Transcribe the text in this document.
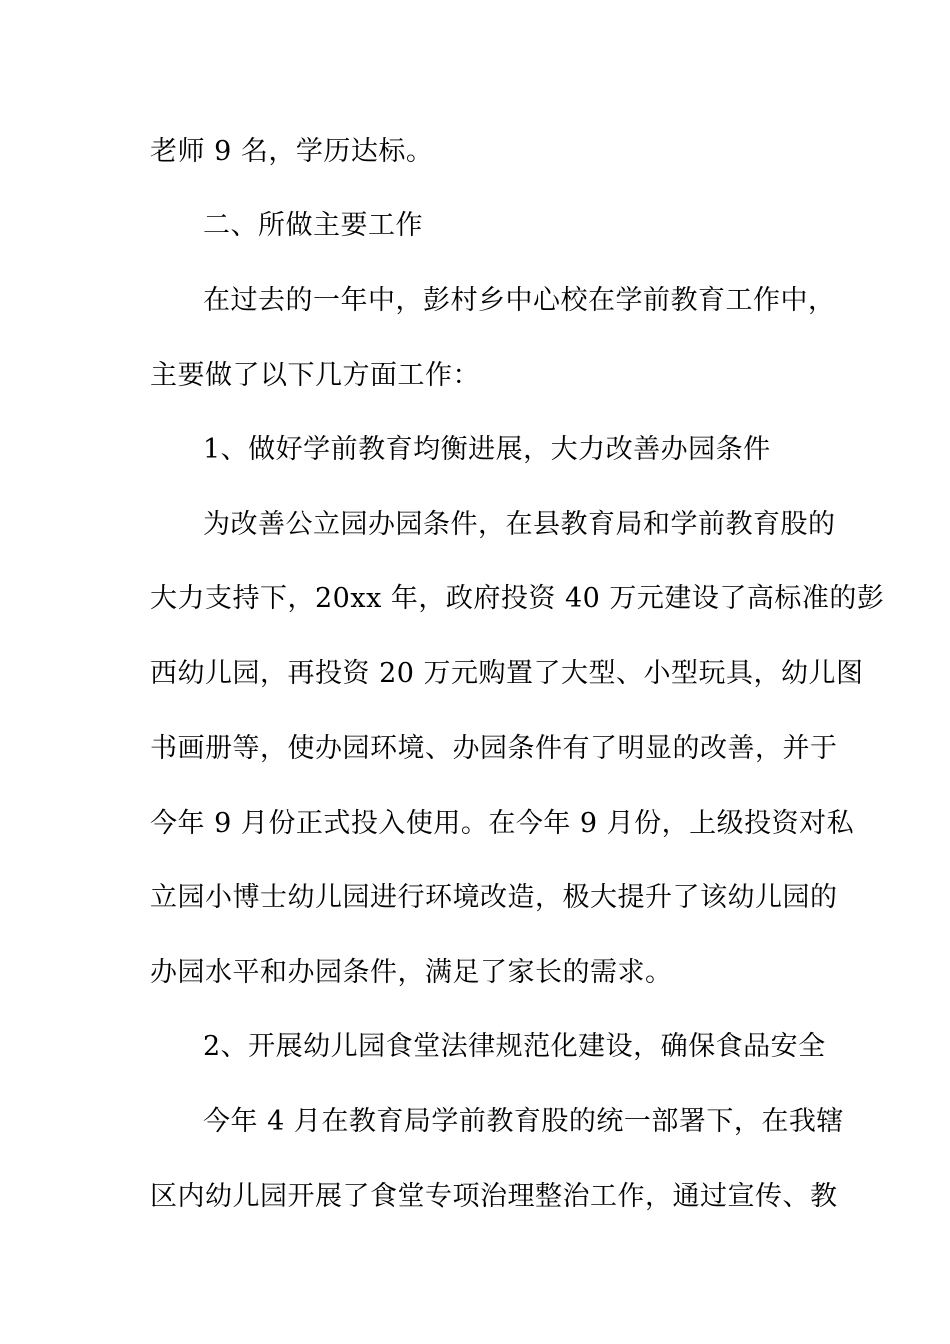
老师 9 名，学历达标。
二、所做主要工作
在过去的一年中，彭村乡中心校在学前教育工作中，
主要做了以下几方面工作：
1、做好学前教育均衡进展，大力改善办园条件
为改善公立园办园条件，在县教育局和学前教育股的
大力支持下，20xx 年，政府投资 40 万元建设了高标准的彭
西幼儿园，再投资 20 万元购置了大型、小型玩具，幼儿图
书画册等，使办园环境、办园条件有了明显的改善，并于
今年 9 月份正式投入使用。在今年 9 月份，上级投资对私
立园小博士幼儿园进行环境改造，极大提升了该幼儿园的
办园水平和办园条件，满足了家长的需求。
2、开展幼儿园食堂法律规范化建设，确保食品安全
今年 4 月在教育局学前教育股的统一部署下，在我辖
区内幼儿园开展了食堂专项治理整治工作，通过宣传、教
